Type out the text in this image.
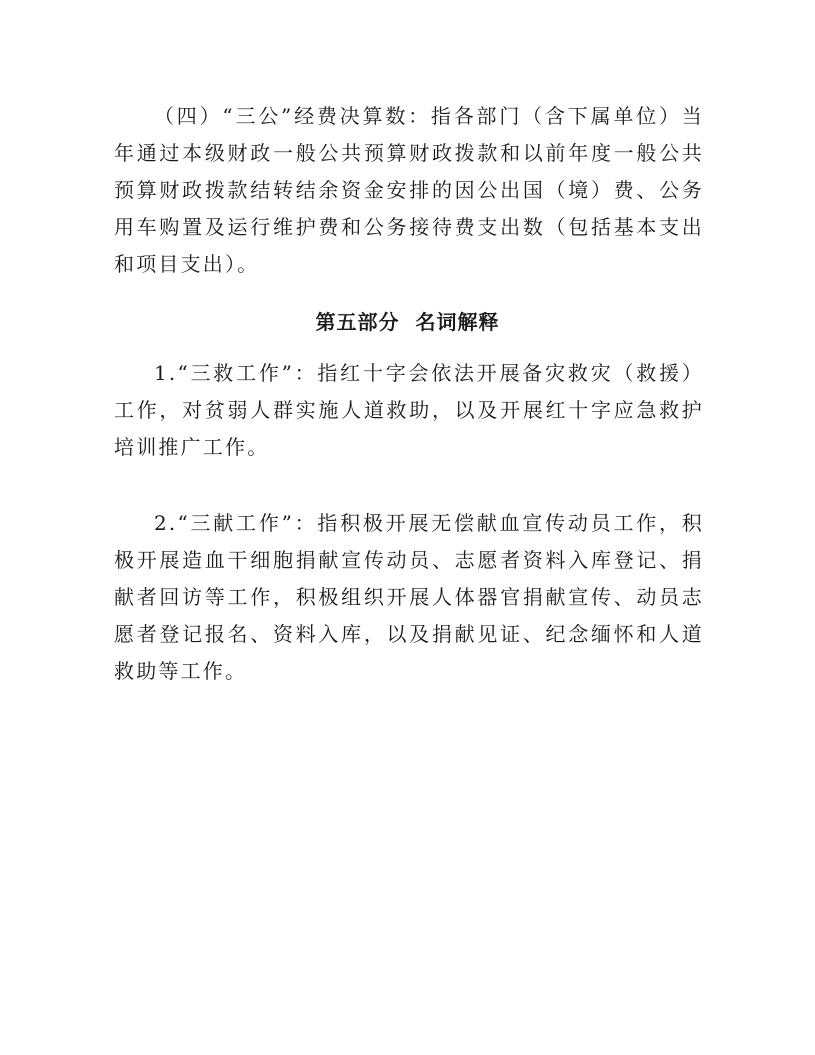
（四）“三公”经费决算数：指各部门（含下属单位）当年通过本级财政一般公共预算财政拨款和以前年度一般公共预算财政拨款结转结余资金安排的因公出国（境）费、公务用车购置及运行维护费和公务接待费支出数（包括基本支出和项目支出）。

第五部分  名词解释

1.“三救工作”：指红十字会依法开展备灾救灾（救援）工作，对贫弱人群实施人道救助，以及开展红十字应急救护培训推广工作。

2.“三献工作”：指积极开展无偿献血宣传动员工作，积极开展造血干细胞捐献宣传动员、志愿者资料入库登记、捐献者回访等工作，积极组织开展人体器官捐献宣传、动员志愿者登记报名、资料入库，以及捐献见证、纪念缅怀和人道救助等工作。
